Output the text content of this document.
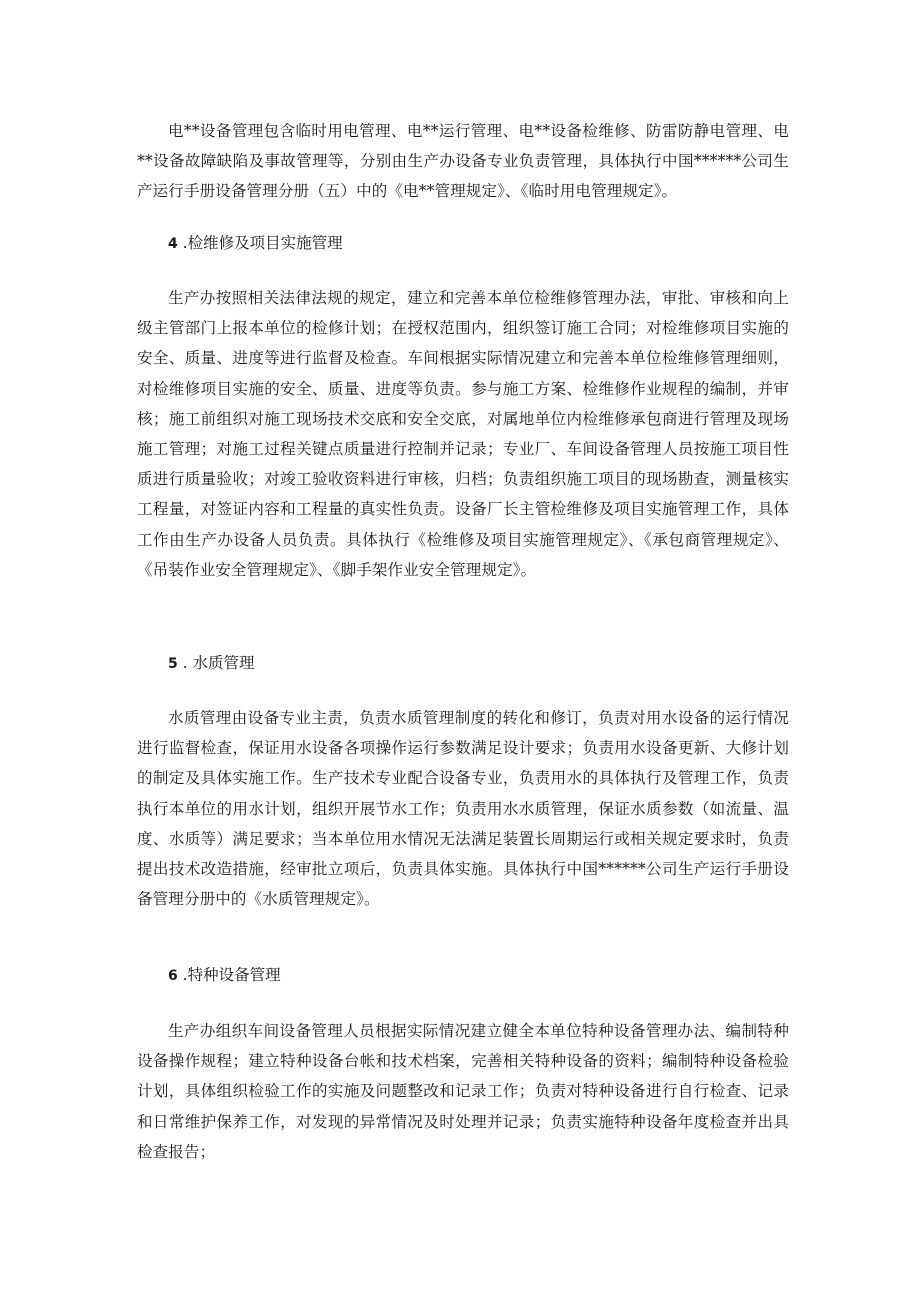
电**设备管理包含临时用电管理、电**运行管理、电**设备检维修、防雷防静电管理、电**设备故障缺陷及事故管理等，分别由生产办设备专业负责管理，具体执行中国******公司生产运行手册设备管理分册（五）中的《电**管理规定》、《临时用电管理规定》。

4 .检维修及项目实施管理

生产办按照相关法律法规的规定，建立和完善本单位检维修管理办法，审批、审核和向上级主管部门上报本单位的检修计划；在授权范围内，组织签订施工合同；对检维修项目实施的安全、质量、进度等进行监督及检查。车间根据实际情况建立和完善本单位检维修管理细则，对检维修项目实施的安全、质量、进度等负责。参与施工方案、检维修作业规程的编制，并审核；施工前组织对施工现场技术交底和安全交底，对属地单位内检维修承包商进行管理及现场施工管理；对施工过程关键点质量进行控制并记录；专业厂、车间设备管理人员按施工项目性质进行质量验收；对竣工验收资料进行审核，归档；负责组织施工项目的现场勘查，测量核实工程量，对签证内容和工程量的真实性负责。设备厂长主管检维修及项目实施管理工作，具体工作由生产办设备人员负责。具体执行《检维修及项目实施管理规定》、《承包商管理规定》、《吊装作业安全管理规定》、《脚手架作业安全管理规定》。

5 . 水质管理

水质管理由设备专业主责，负责水质管理制度的转化和修订，负责对用水设备的运行情况进行监督检查，保证用水设备各项操作运行参数满足设计要求；负责用水设备更新、大修计划的制定及具体实施工作。生产技术专业配合设备专业，负责用水的具体执行及管理工作，负责执行本单位的用水计划，组织开展节水工作；负责用水水质管理，保证水质参数（如流量、温度、水质等）满足要求；当本单位用水情况无法满足装置长周期运行或相关规定要求时，负责提出技术改造措施，经审批立项后，负责具体实施。具体执行中国******公司生产运行手册设备管理分册中的《水质管理规定》。

6 .特种设备管理

生产办组织车间设备管理人员根据实际情况建立健全本单位特种设备管理办法、编制特种设备操作规程；建立特种设备台帐和技术档案，完善相关特种设备的资料；编制特种设备检验计划，具体组织检验工作的实施及问题整改和记录工作；负责对特种设备进行自行检查、记录和日常维护保养工作，对发现的异常情况及时处理并记录；负责实施特种设备年度检查并出具检查报告；
